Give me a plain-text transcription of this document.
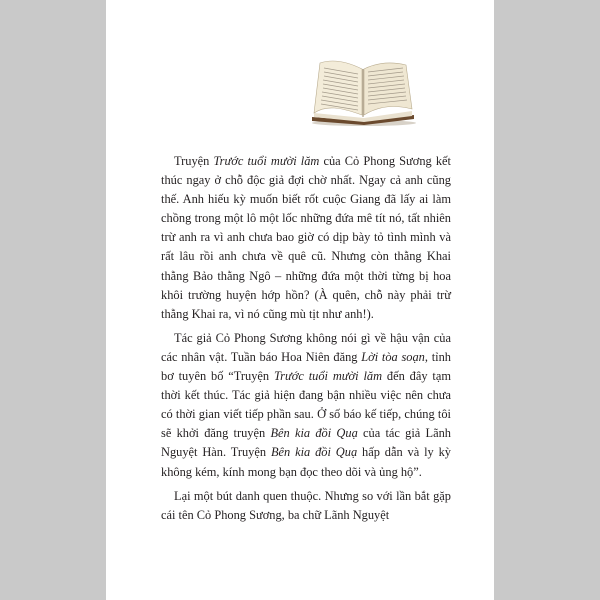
Truyện Trước tuổi mười lăm của Cỏ Phong Sương kết thúc ngay ở chỗ độc giả đợi chờ nhất. Ngay cả anh cũng thế. Anh hiếu kỳ muốn biết rốt cuộc Giang đã lấy ai làm chồng trong một lô một lốc những đứa mê tít nó, tất nhiên trừ anh ra vì anh chưa bao giờ có dịp bày tỏ tình mình và rất lâu rồi anh chưa về quê cũ. Nhưng còn thằng Khai thằng Bảo thằng Ngô – những đứa một thời từng bị hoa khôi trường huyện hớp hồn? (À quên, chỗ này phải trừ thằng Khai ra, vì nó cũng mù tịt như anh!).

Tác giả Cỏ Phong Sương không nói gì về hậu vận của các nhân vật. Tuần báo Hoa Niên đăng Lời tòa soạn, tỉnh bơ tuyên bố “Truyện Trước tuổi mười lăm đến đây tạm thời kết thúc. Tác giả hiện đang bận nhiều việc nên chưa có thời gian viết tiếp phần sau. Ở số báo kế tiếp, chúng tôi sẽ khởi đăng truyện Bên kia đồi Quạ của tác giả Lãnh Nguyệt Hàn. Truyện Bên kia đồi Quạ hấp dẫn và ly kỳ không kém, kính mong bạn đọc theo dõi và ủng hộ”.

Lại một bút danh quen thuộc. Nhưng so với lần bắt gặp cái tên Cỏ Phong Sương, ba chữ Lãnh Nguyệt
